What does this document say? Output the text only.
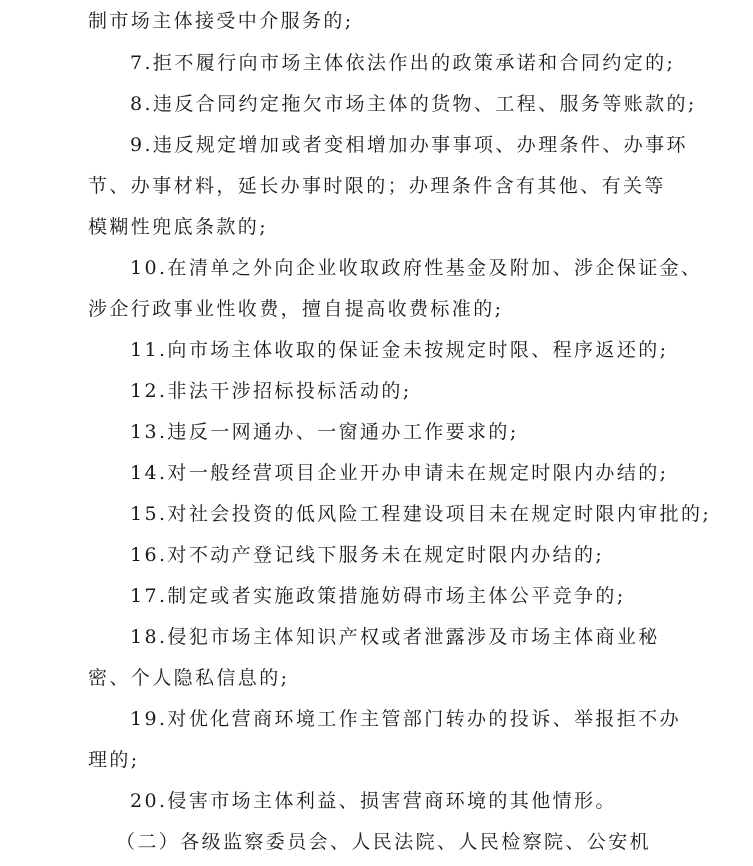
制市场主体接受中介服务的;
7.拒不履行向市场主体依法作出的政策承诺和合同约定的;
8.违反合同约定拖欠市场主体的货物、工程、服务等账款的;
9.违反规定增加或者变相增加办事事项、办理条件、办事环
节、办事材料，延长办事时限的；办理条件含有其他、有关等
模糊性兜底条款的;
10.在清单之外向企业收取政府性基金及附加、涉企保证金、
涉企行政事业性收费，擅自提高收费标准的;
11.向市场主体收取的保证金未按规定时限、程序返还的;
12.非法干涉招标投标活动的;
13.违反一网通办、一窗通办工作要求的;
14.对一般经营项目企业开办申请未在规定时限内办结的;
15.对社会投资的低风险工程建设项目未在规定时限内审批的;
16.对不动产登记线下服务未在规定时限内办结的;
17.制定或者实施政策措施妨碍市场主体公平竞争的;
18.侵犯市场主体知识产权或者泄露涉及市场主体商业秘
密、个人隐私信息的;
19.对优化营商环境工作主管部门转办的投诉、举报拒不办
理的;
20.侵害市场主体利益、损害营商环境的其他情形。
（二）各级监察委员会、人民法院、人民检察院、公安机
